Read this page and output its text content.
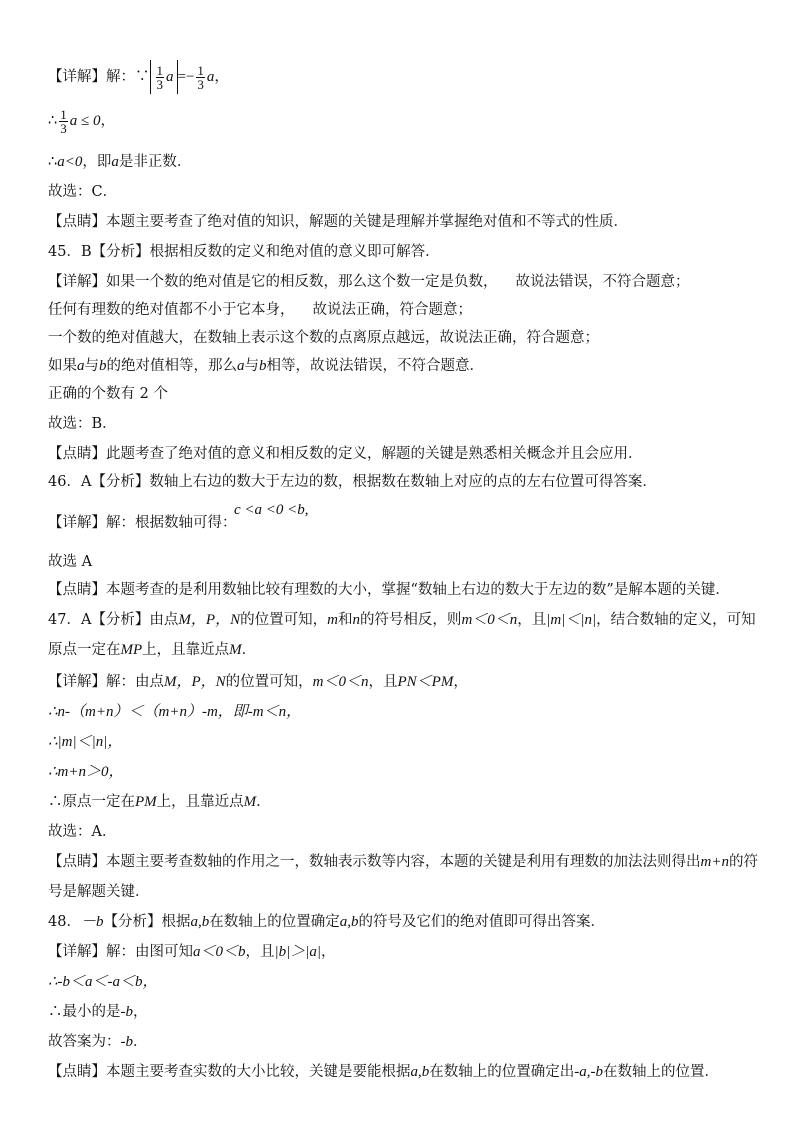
【详解】解：∵ $\frac{1}{3}$ $a =- \frac{1}{3}$ a，
∴ $\frac{1}{3}$ a ≤ 0，
∴a<0，即a是非正数．
故选：C．
【点睛】本题主要考查了绝对值的知识，解题的关键是理解并掌握绝对值和不等式的性质．
45．B【分析】根据相反数的定义和绝对值的意义即可解答．
【详解】如果一个数的绝对值是它的相反数，那么这个数一定是负数， 故说法错误，不符合题意；
任何有理数的绝对值都不小于它本身， 故说法正确，符合题意；
一个数的绝对值越大，在数轴上表示这个数的点离原点越远，故说法正确，符合题意；
如果a与b的绝对值相等，那么a与b相等，故说法错误，不符合题意．
正确的个数有 2 个
故选：B．
【点睛】此题考查了绝对值的意义和相反数的定义，解题的关键是熟悉相关概念并且会应用．
46．A【分析】数轴上右边的数大于左边的数，根据数在数轴上对应的点的左右位置可得答案．
c <a <0 <b,
【详解】解：根据数轴可得：
故选 A
【点睛】本题考查的是利用数轴比较有理数的大小，掌握“数轴上右边的数大于左边的数”是解本题的关键．
47．A【分析】由点M，P，N的位置可知，m和n的符号相反，则m＜0＜n，且|m|＜|n|，结合数轴的定义，可知
原点一定在MP上，且靠近点M．
【详解】解：由点M，P，N的位置可知，m＜0＜n，且PN＜PM，
∴n-（m+n）＜（m+n）-m，即-m＜n，
∴|m|＜|n|，
∴m+n＞0，
∴原点一定在PM上，且靠近点M．
故选：A．
【点睛】本题主要考查数轴的作用之一，数轴表示数等内容，本题的关键是利用有理数的加法法则得出m+n的符
号是解题关键．
48．－b【分析】根据a,b在数轴上的位置确定a,b的符号及它们的绝对值即可得出答案．
【详解】解：由图可知a＜0＜b，且|b|＞|a|，
∴-b＜a＜-a＜b，
∴最小的是-b，
故答案为：-b．
【点睛】本题主要考查实数的大小比较，关键是要能根据a,b在数轴上的位置确定出-a,-b在数轴上的位置．
